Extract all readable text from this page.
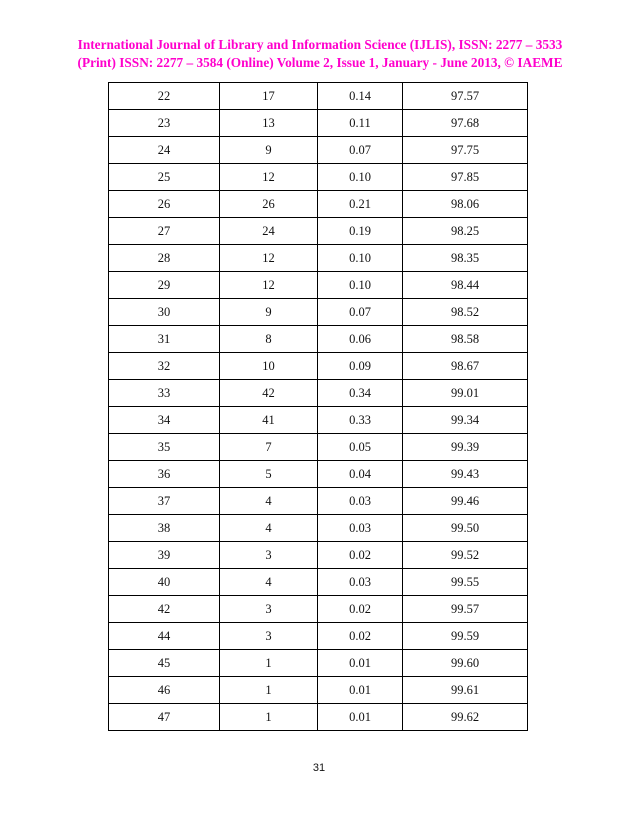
International Journal of Library and Information Science (IJLIS), ISSN: 2277 – 3533
(Print) ISSN: 2277 – 3584 (Online) Volume 2, Issue 1, January - June 2013, © IAEME
22	17	0.14	97.57
23	13	0.11	97.68
24	9	0.07	97.75
25	12	0.10	97.85
26	26	0.21	98.06
27	24	0.19	98.25
28	12	0.10	98.35
29	12	0.10	98.44
30	9	0.07	98.52
31	8	0.06	98.58
32	10	0.09	98.67
33	42	0.34	99.01
34	41	0.33	99.34
35	7	0.05	99.39
36	5	0.04	99.43
37	4	0.03	99.46
38	4	0.03	99.50
39	3	0.02	99.52
40	4	0.03	99.55
42	3	0.02	99.57
44	3	0.02	99.59
45	1	0.01	99.60
46	1	0.01	99.61
47	1	0.01	99.62
31
